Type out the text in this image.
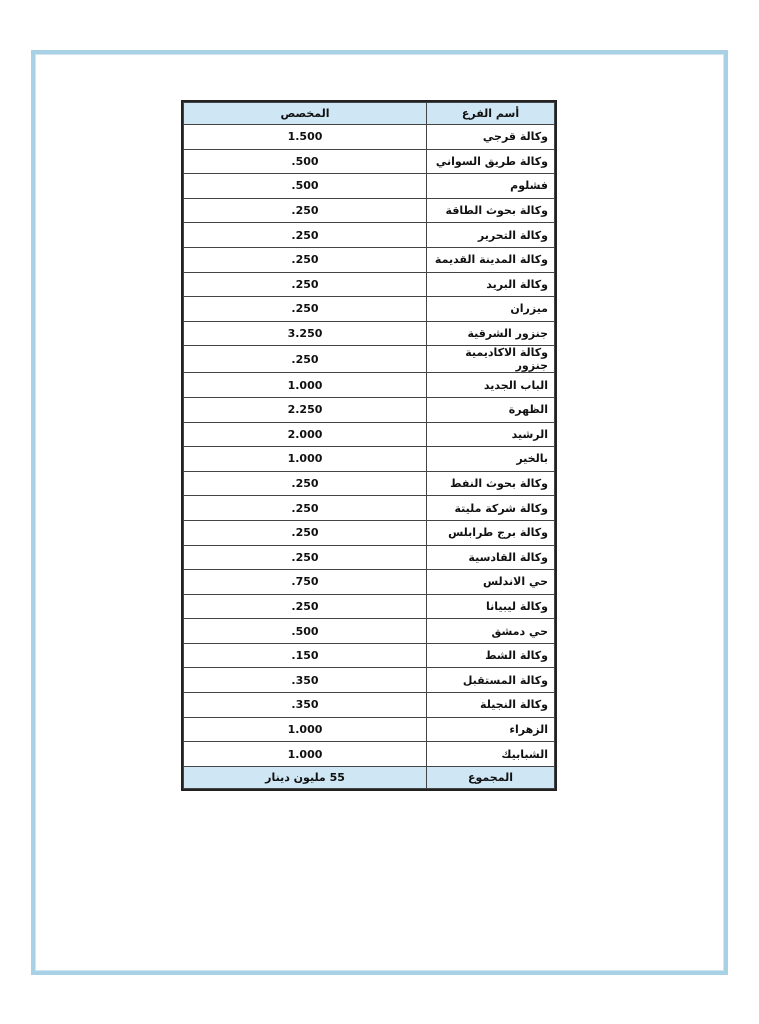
أسم الفرع	المخصص
وكالة قرجي	1.500
وكالة طريق السواني	.500
فشلوم	.500
وكالة بحوث الطاقة	.250
وكالة التحرير	.250
وكالة المدينة القديمة	.250
وكالة البريد	.250
ميزران	.250
جنزور الشرقية	3.250
وكالة الاكاديمية جنزور	.250
الباب الجديد	1.000
الظهرة	2.250
الرشيد	2.000
بالخير	1.000
وكالة بحوث النفط	.250
وكالة شركة مليتة	.250
وكالة برج طرابلس	.250
وكالة القادسية	.250
حي الاندلس	.750
وكالة ليبيانا	.250
حي دمشق	.500
وكالة الشط	.150
وكالة المستقبل	.350
وكالة النجيلة	.350
الزهراء	1.000
الشبابيك	1.000
المجموع	55 مليون دينار
